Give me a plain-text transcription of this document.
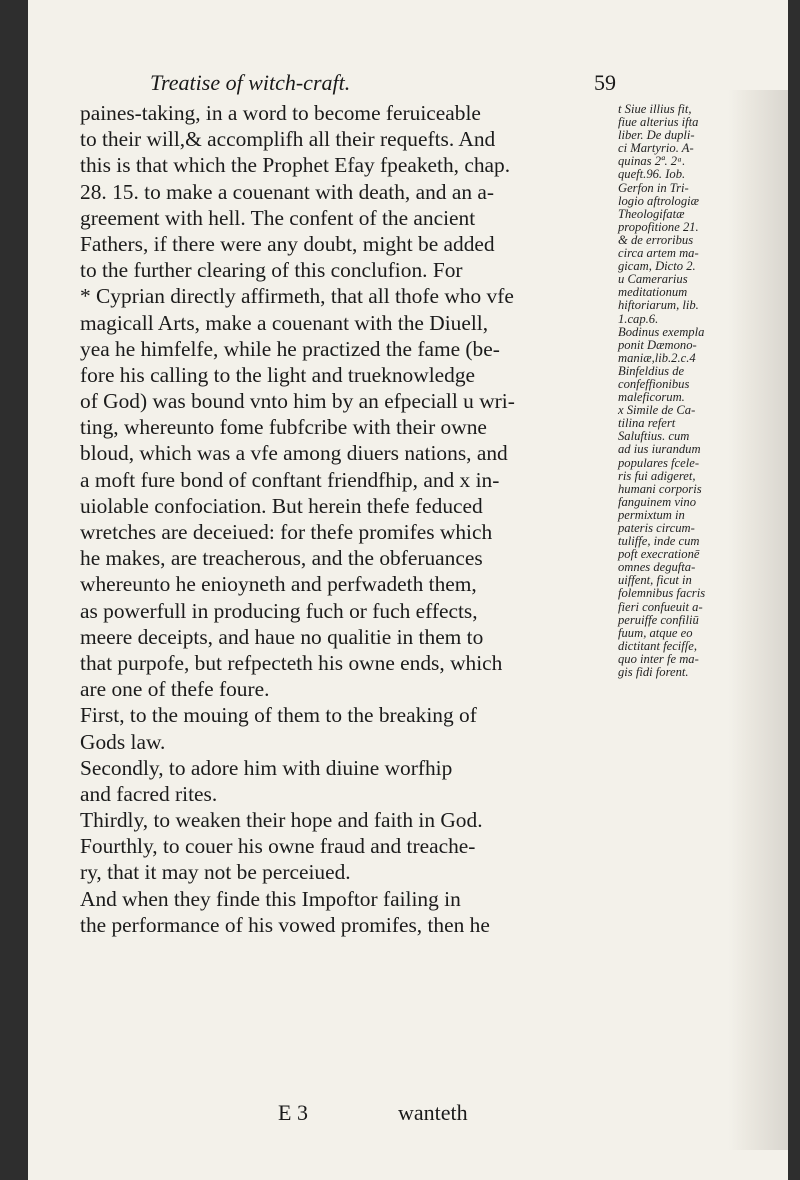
Treatise of witch-craft.	59
paines-taking, in a word to become feruiceable
to their will,& accomplifh all their requefts. And
this is that which the Prophet Efay fpeaketh, chap.
28. 15. to make a couenant with death, and an a-
greement with hell. The confent of the ancient
Fathers, if there were any doubt, might be added
to the further clearing of this conclufion. For
* Cyprian directly affirmeth, that all thofe who vfe
magicall Arts, make a couenant with the Diuell,
yea he himfelfe, while he practized the fame (be-
fore his calling to the light and trueknowledge
of God) was bound vnto him by an efpeciall u wri-
ting, whereunto fome fubfcribe with their owne
bloud, which was a vfe among diuers nations, and
a moft fure bond of conftant friendfhip, and x in-
uiolable confociation. But herein thefe feduced
wretches are deceiued: for thefe promifes which
he makes, are treacherous, and the obferuances
whereunto he enioyneth and perfwadeth them,
as powerfull in producing fuch or fuch effects,
meere deceipts, and haue no qualitie in them to
that purpofe, but refpecteth his owne ends, which
are one of thefe foure.
First, to the mouing of them to the breaking of
Gods law.
Secondly, to adore him with diuine worfhip
and facred rites.
Thirdly, to weaken their hope and faith in God.
Fourthly, to couer his owne fraud and treache-
ry, that it may not be perceiued.
And when they finde this Impoftor failing in
the performance of his vowed promifes, then he
t Siue illius fit,
fiue alterius ifta
liber. De dupli-
ci Martyrio. A-
quinas 2ª. 2ᵃ.
queft.96. Iob.
Gerfon in Tri-
logio aftrologiæ
Theologifatæ
propofitione 21.
& de erroribus
circa artem ma-
gicam, Dicto 2.
u Camerarius
meditationum
hiftoriarum, lib.
1.cap.6.
Bodinus exempla
ponit Dæmono-
maniæ,lib.2.c.4
Binfeldius de
confeffionibus
maleficorum.
x Simile de Ca-
tilina refert
Saluftius. cum
ad ius iurandum
populares fcele-
ris fui adigeret,
humani corporis
fanguinem vino
permixtum in
pateris circum-
tuliffe, inde cum
poft execrationē
omnes degufta-
uiffent, ficut in
folemnibus facris
fieri confueuit a-
peruiffe confiliū
fuum, atque eo
dictitant fecifſe,
quo inter fe ma-
gis fidi forent.
E 3	wanteth
